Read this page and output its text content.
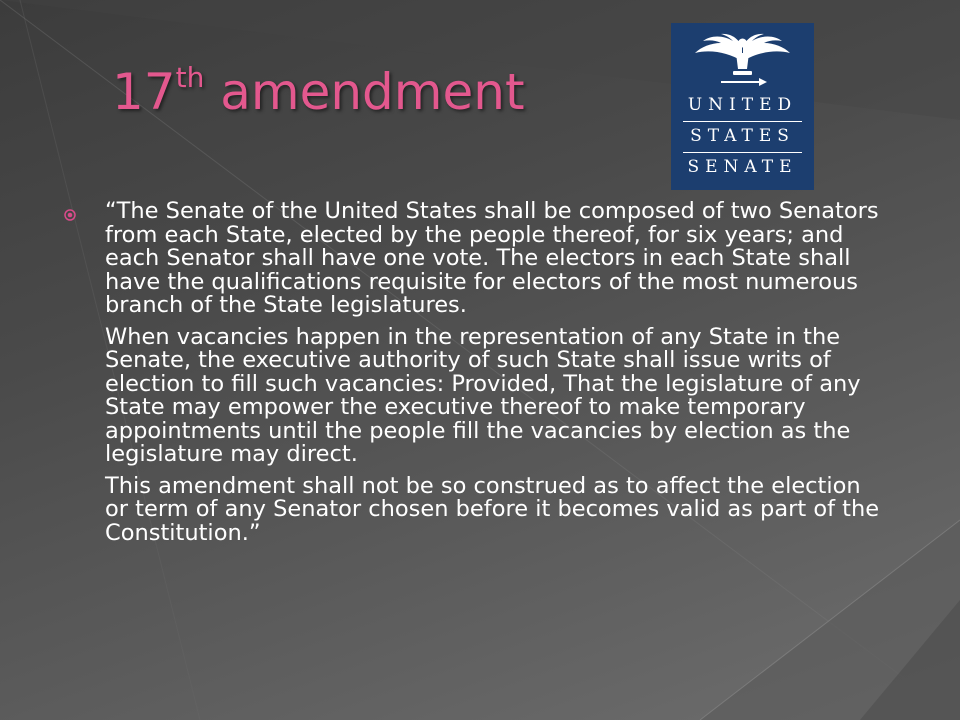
17th amendment	UNITED
STATES
SENATE

“The Senate of the United States shall be composed of two Senators from each State, elected by the people thereof, for six years; and each Senator shall have one vote. The electors in each State shall have the qualifications requisite for electors of the most numerous branch of the State legislatures.

When vacancies happen in the representation of any State in the Senate, the executive authority of such State shall issue writs of election to fill such vacancies: Provided, That the legislature of any State may empower the executive thereof to make temporary appointments until the people fill the vacancies by election as the legislature may direct.

This amendment shall not be so construed as to affect the election or term of any Senator chosen before it becomes valid as part of the Constitution.”
